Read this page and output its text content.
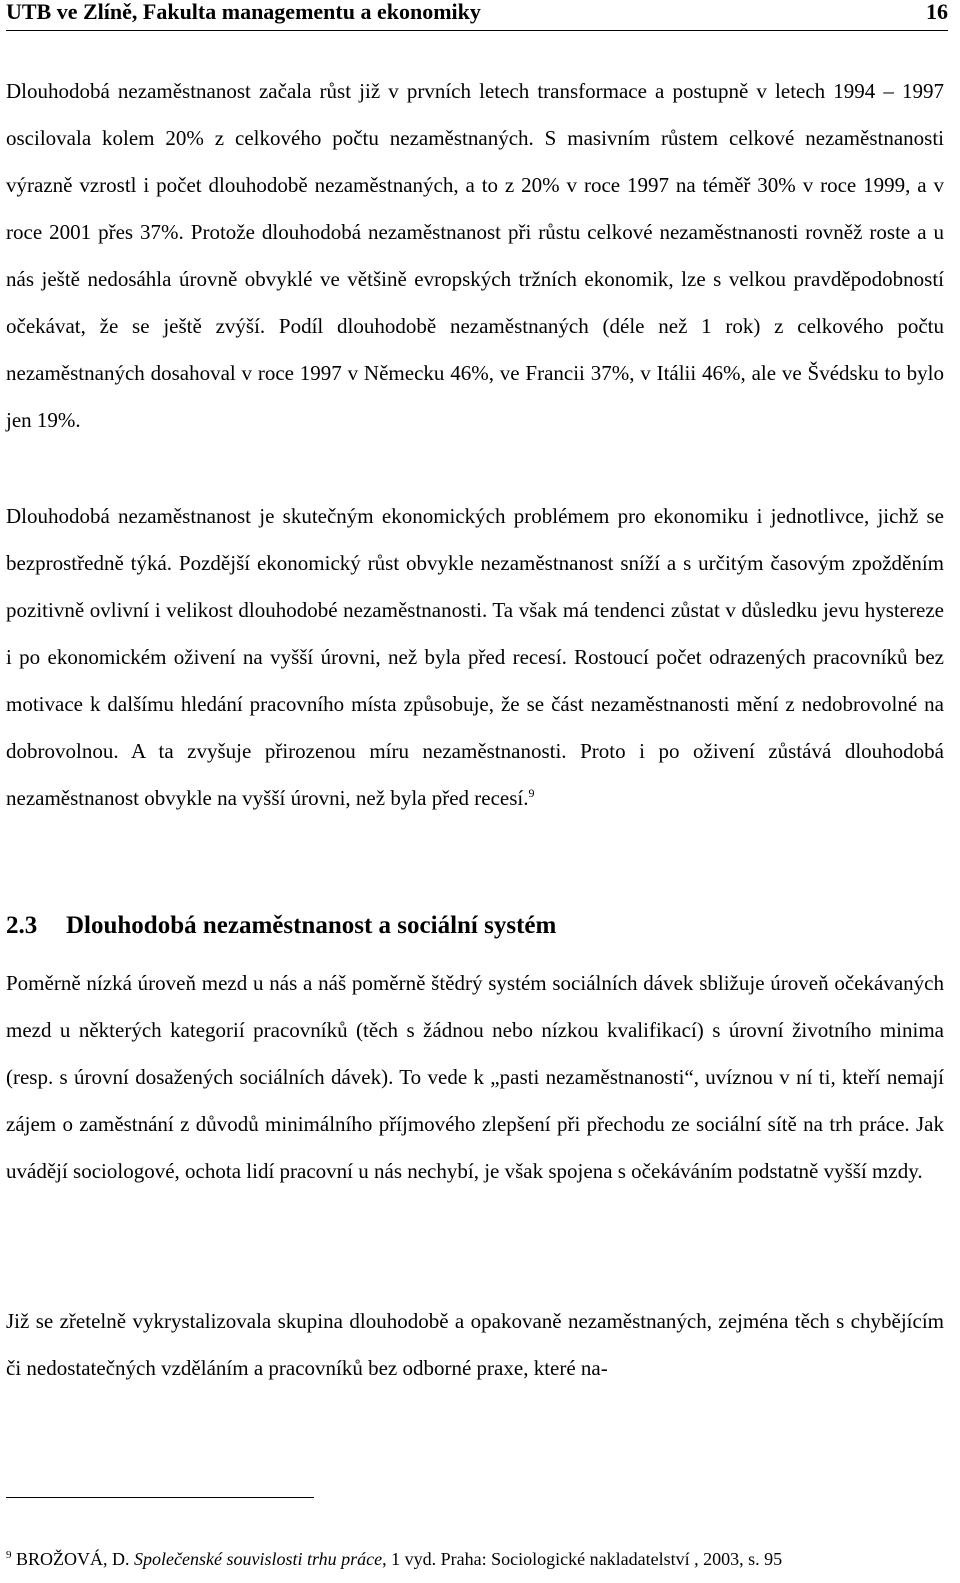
UTB ve Zlíně, Fakulta managementu a ekonomiky	16
Dlouhodobá nezaměstnanost začala růst již v prvních letech transformace a postupně v letech 1994 – 1997 oscilovala kolem 20% z celkového počtu nezaměstnaných. S masivním růstem celkové nezaměstnanosti výrazně vzrostl i počet dlouhodobě nezaměstnaných, a to z 20% v roce 1997 na téměř 30% v roce 1999, a v roce 2001 přes 37%. Protože dlouhodobá nezaměstnanost při růstu celkové nezaměstnanosti rovněž roste a u nás ještě nedosáhla úrovně obvyklé ve většině evropských tržních ekonomik, lze s velkou pravděpodobností očekávat, že se ještě zvýší. Podíl dlouhodobě nezaměstnaných (déle než 1 rok) z celkového počtu nezaměstnaných dosahoval v roce 1997 v Německu 46%, ve Francii 37%, v Itálii 46%, ale ve Švédsku to bylo jen 19%.
Dlouhodobá nezaměstnanost je skutečným ekonomických problémem pro ekonomiku i jednotlivce, jichž se bezprostředně týká. Pozdější ekonomický růst obvykle nezaměstnanost sníží a s určitým časovým zpožděním pozitivně ovlivní i velikost dlouhodobé nezaměstnanosti. Ta však má tendenci zůstat v důsledku jevu hystereze i po ekonomickém oživení na vyšší úrovni, než byla před recesí. Rostoucí počet odrazených pracovníků bez motivace k dalšímu hledání pracovního místa způsobuje, že se část nezaměstnanosti mění z nedobrovolné na dobrovolnou. A ta zvyšuje přirozenou míru nezaměstnanosti. Proto i po oživení zůstává dlouhodobá nezaměstnanost obvykle na vyšší úrovni, než byla před recesí.$^9$
2.3 Dlouhodobá nezaměstnanost a sociální systém
Poměrně nízká úroveň mezd u nás a náš poměrně štědrý systém sociálních dávek sbližuje úroveň očekávaných mezd u některých kategorií pracovníků (těch s žádnou nebo nízkou kvalifikací) s úrovní životního minima (resp. s úrovní dosažených sociálních dávek). To vede k „pasti nezaměstnanosti“, uvíznou v ní ti, kteří nemají zájem o zaměstnání z důvodů minimálního příjmového zlepšení při přechodu ze sociální sítě na trh práce. Jak uvádějí sociologové, ochota lidí pracovní u nás nechybí, je však spojena s očekáváním podstatně vyšší mzdy.
Již se zřetelně vykrystalizovala skupina dlouhodobě a opakovaně nezaměstnaných, zejména těch s chybějícím či nedostatečných vzděláním a pracovníků bez odborné praxe, které na-
$^9$ BROŽOVÁ, D. Společenské souvislosti trhu práce, 1 vyd. Praha: Sociologické nakladatelství , 2003, s. 95
